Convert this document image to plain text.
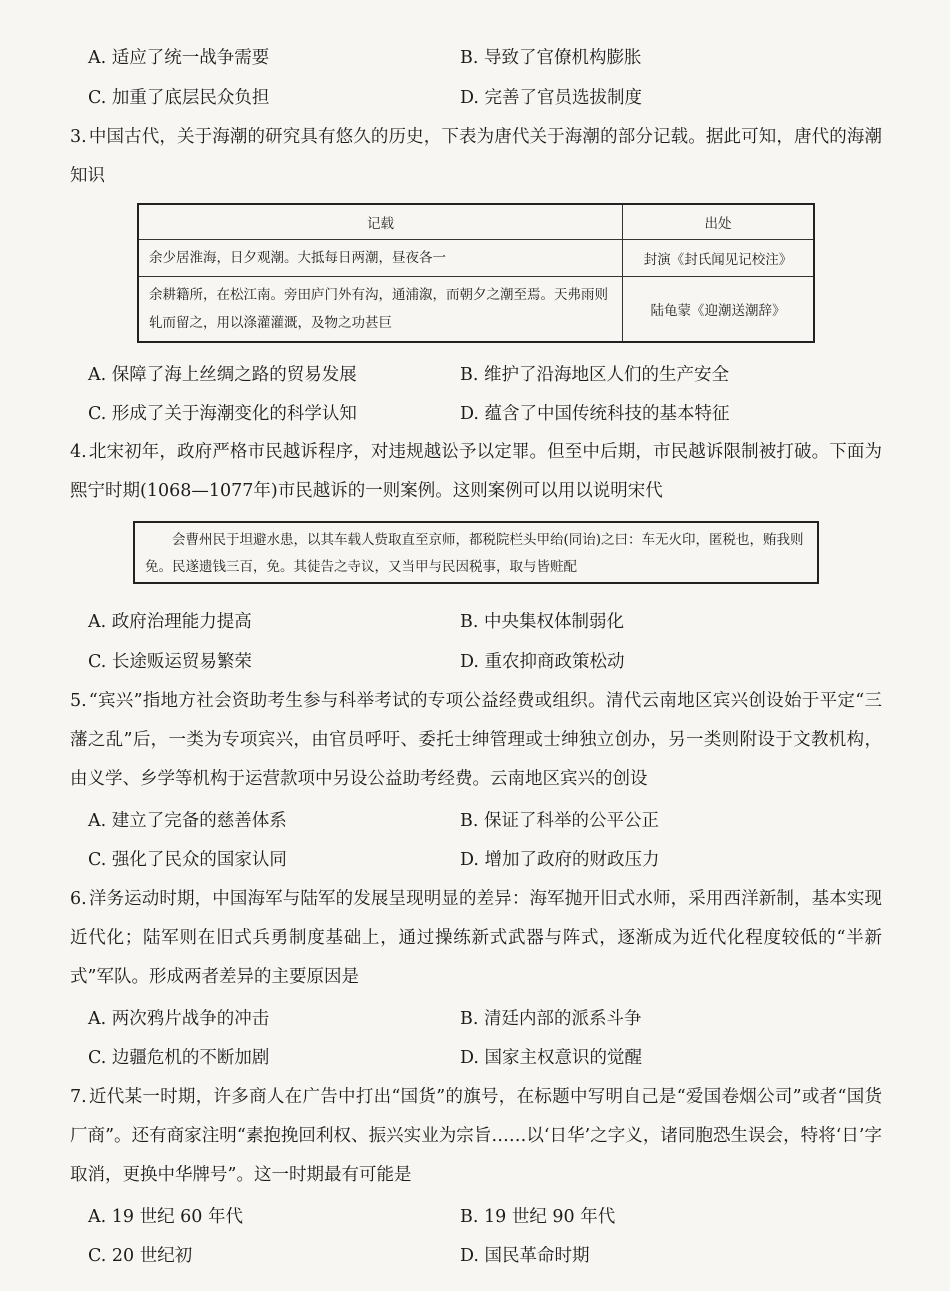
A. 适应了统一战争需要	B. 导致了官僚机构膨胀
C. 加重了底层民众负担	D. 完善了官员选拔制度
3. 中国古代，关于海潮的研究具有悠久的历史，下表为唐代关于海潮的部分记载。据此可知，唐代的海潮知识
记载	出处
余少居淮海，日夕观潮。大抵每日两潮，昼夜各一	封演《封氏闻见记校注》
余耕籍所，在松江南。旁田庐门外有沟，通浦溆，而朝夕之潮至焉。天弗雨则轧而留之，用以涤灌灌溉，及物之功甚巨	陆龟蒙《迎潮送潮辞》
A. 保障了海上丝绸之路的贸易发展	B. 维护了沿海地区人们的生产安全
C. 形成了关于海潮变化的科学认知	D. 蕴含了中国传统科技的基本特征
4. 北宋初年，政府严格市民越诉程序，对违规越讼予以定罪。但至中后期，市民越诉限制被打破。下面为熙宁时期(1068—1077年)市民越诉的一则案例。这则案例可以用以说明宋代
会曹州民于坦避水患，以其车载人赀取直至京师，都税院栏头甲绐(同诒)之曰：车无火印，匿税也，贿我则免。民遂遗钱三百，免。其徒告之寺议，又当甲与民因税事，取与皆赃配
A. 政府治理能力提高	B. 中央集权体制弱化
C. 长途贩运贸易繁荣	D. 重农抑商政策松动
5. “宾兴”指地方社会资助考生参与科举考试的专项公益经费或组织。清代云南地区宾兴创设始于平定“三藩之乱”后，一类为专项宾兴，由官员呼吁、委托士绅管理或士绅独立创办，另一类则附设于文教机构，由义学、乡学等机构于运营款项中另设公益助考经费。云南地区宾兴的创设
A. 建立了完备的慈善体系	B. 保证了科举的公平公正
C. 强化了民众的国家认同	D. 增加了政府的财政压力
6. 洋务运动时期，中国海军与陆军的发展呈现明显的差异：海军抛开旧式水师，采用西洋新制，基本实现近代化；陆军则在旧式兵勇制度基础上，通过操练新式武器与阵式，逐渐成为近代化程度较低的“半新式”军队。形成两者差异的主要原因是
A. 两次鸦片战争的冲击	B. 清廷内部的派系斗争
C. 边疆危机的不断加剧	D. 国家主权意识的觉醒
7. 近代某一时期，许多商人在广告中打出“国货”的旗号，在标题中写明自己是“爱国卷烟公司”或者“国货厂商”。还有商家注明“素抱挽回利权、振兴实业为宗旨……以‘日华’之字义，诸同胞恐生误会，特将‘日’字取消，更换中华牌号”。这一时期最有可能是
A. 19 世纪 60 年代	B. 19 世纪 90 年代
C. 20 世纪初	D. 国民革命时期
